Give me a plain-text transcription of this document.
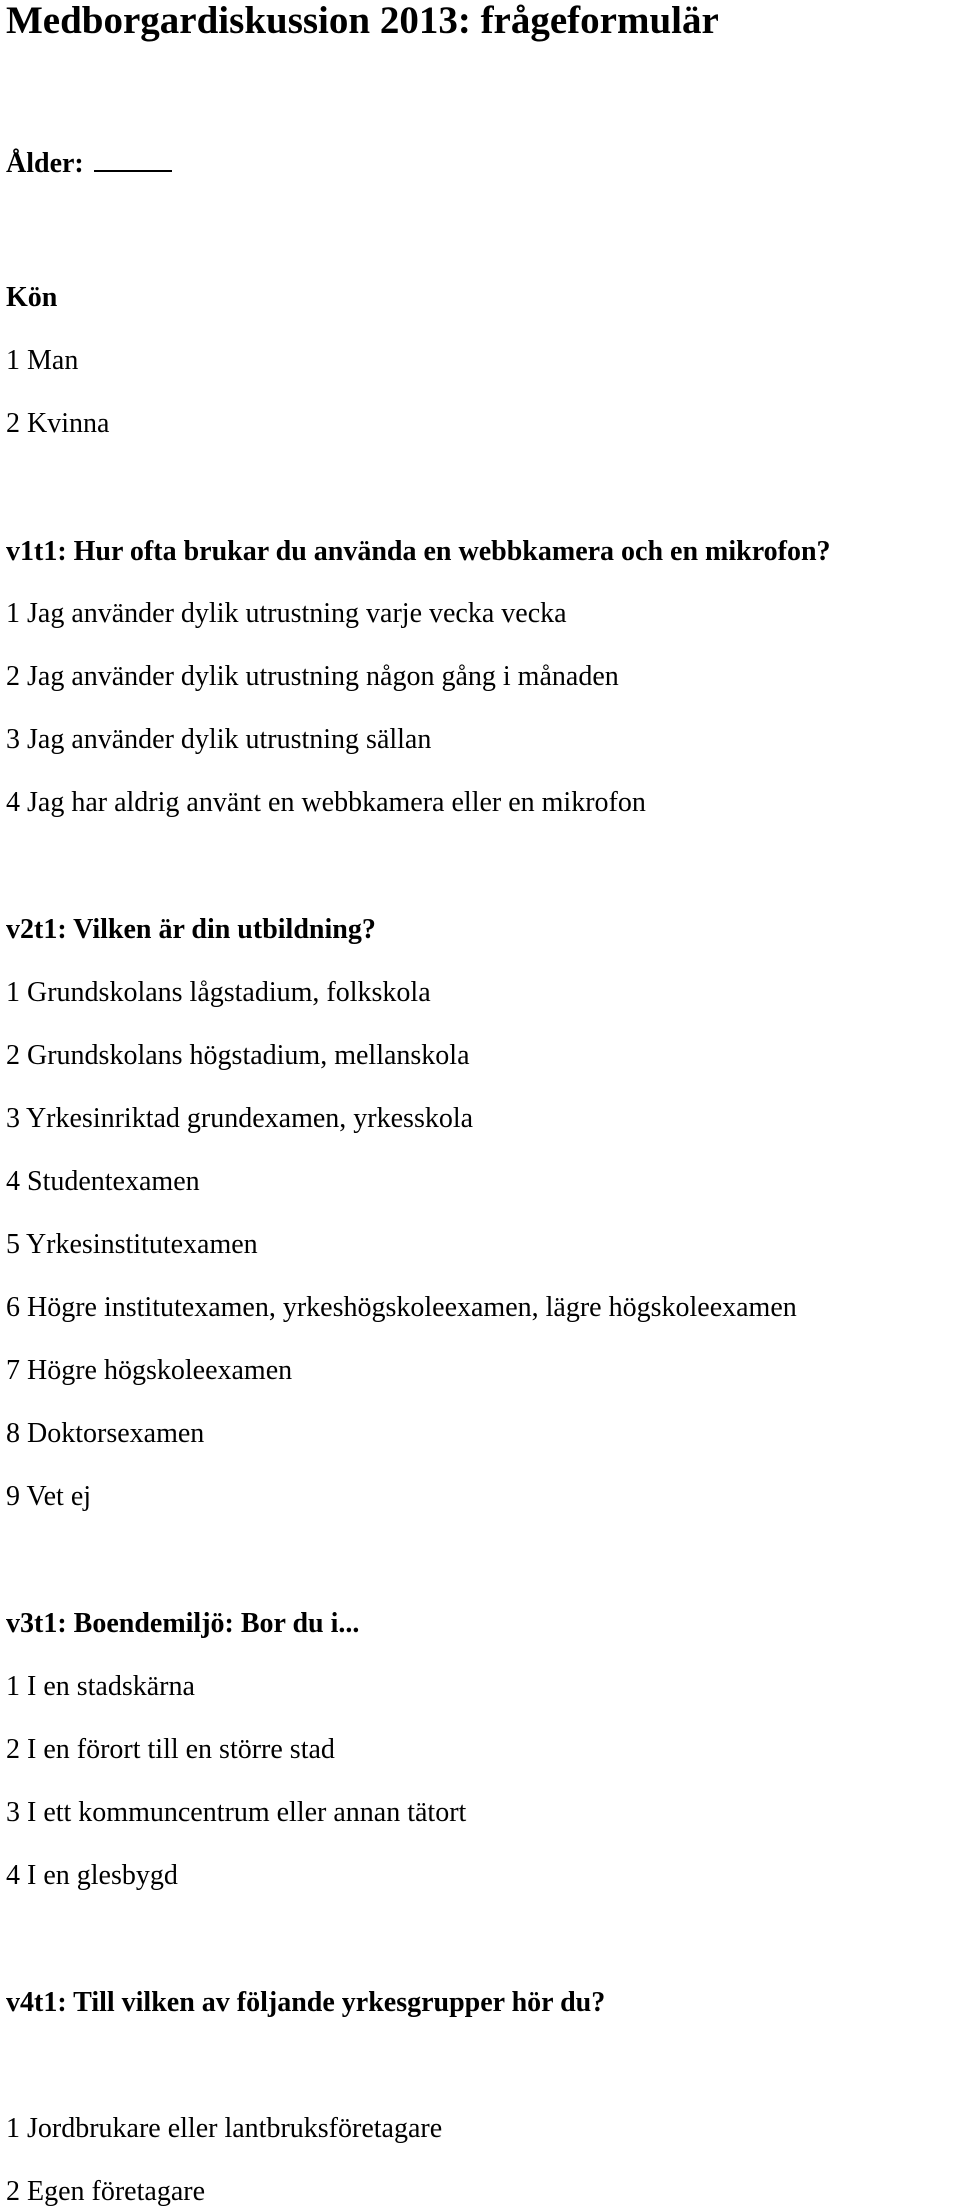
Medborgardiskussion 2013: frågeformulär
Ålder:
Kön
1 Man
2 Kvinna
v1t1: Hur ofta brukar du använda en webbkamera och en mikrofon?
1 Jag använder dylik utrustning varje vecka vecka
2 Jag använder dylik utrustning någon gång i månaden
3 Jag använder dylik utrustning sällan
4 Jag har aldrig använt en webbkamera eller en mikrofon
v2t1: Vilken är din utbildning?
1 Grundskolans lågstadium, folkskola
2 Grundskolans högstadium, mellanskola
3 Yrkesinriktad grundexamen, yrkesskola
4 Studentexamen
5 Yrkesinstitutexamen
6 Högre institutexamen, yrkeshögskoleexamen, lägre högskoleexamen
7 Högre högskoleexamen
8 Doktorsexamen
9 Vet ej
v3t1: Boendemiljö: Bor du i...
1 I en stadskärna
2 I en förort till en större stad
3 I ett kommuncentrum eller annan tätort
4 I en glesbygd
v4t1: Till vilken av följande yrkesgrupper hör du?
1 Jordbrukare eller lantbruksföretagare
2 Egen företagare
